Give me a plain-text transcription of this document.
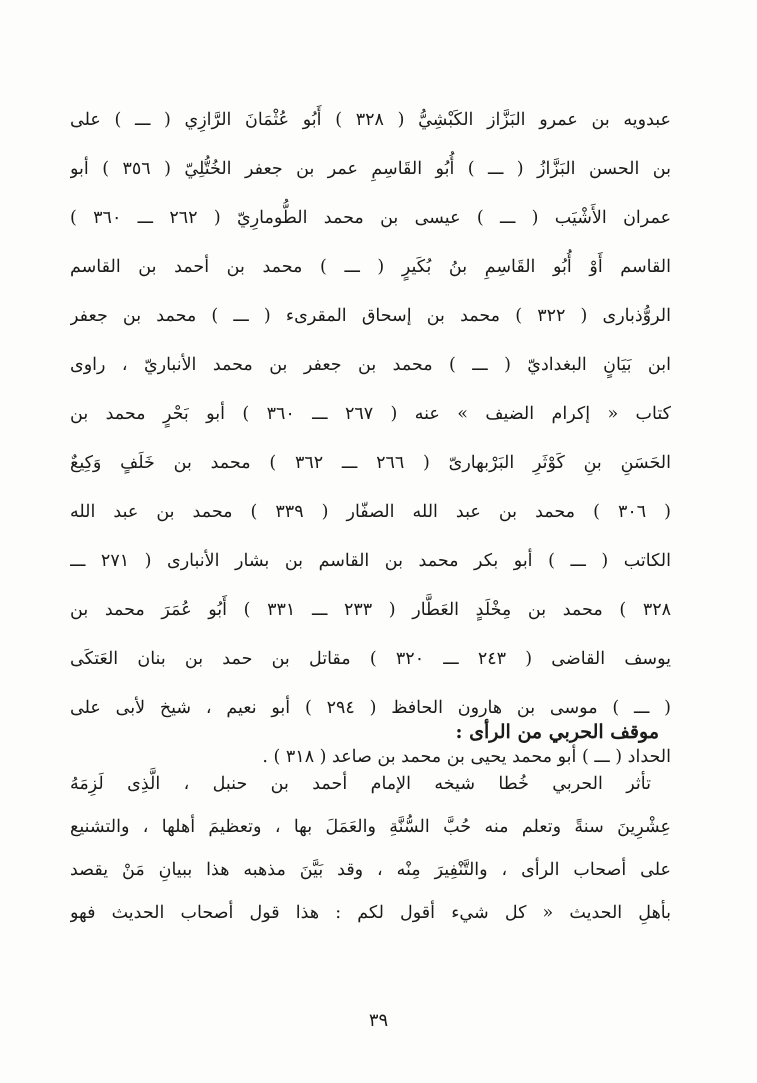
عبدويه بن عمرو البَزَّاز الكَبْشِيُّ ( ٣٢٨ ) أَبُو عُثْمَانَ الرَّازِي ( ـــ ) على
بن الحسن البَزَّازُ ( ـــ ) أُبُو القَاسِمِ عمر بن جعفر الخُتُّلِيّ ( ٣٥٦ ) أبو
عمران الأَشْيَب ( ـــ ) عيسى بن محمد الطُّومارِيّ ( ٢٦٢ ـــ ٣٦٠ )
القاسم أَوْ أُبُو القَاسِمِ بنُ بُكَيرٍ ( ـــ ) محمد بن أحمد بن القاسم
الروُّذبارى ( ٣٢٢ ) محمد بن إسحاق المقرىء ( ـــ ) محمد بن جعفر
ابن بَيَانٍ البغداديّ ( ـــ ) محمد بن جعفر بن محمد الأنباريّ ، راوى
كتاب « إكرام الضيف » عنه ( ٢٦٧ ـــ ٣٦٠ ) أبو بَحْرٍ محمد بن
الحَسَنِ بنِ كَوْثَرِ البَرْبهارىّ ( ٢٦٦ ـــ ٣٦٢ ) محمد بن خَلَفٍ وَكِيعٌ
( ٣٠٦ ) محمد بن عبد الله الصفّار ( ٣٣٩ ) محمد بن عبد الله
الكاتب ( ـــ ) أبو بكر محمد بن القاسم بن بشار الأنبارى ( ٢٧١ ـــ
٣٢٨ ) محمد بن مِخْلَدٍ العَطَّار ( ٢٣٣ ـــ ٣٣١ ) أَبُو عُمَرَ محمد بن
يوسف القاضى ( ٢٤٣ ـــ ٣٢٠ ) مقاتل بن حمد بن بنان العَتكَى
( ـــ ) موسى بن هارون الحافظ ( ٢٩٤ ) أبو نعيم ، شيخ لأبى على
الحداد ( ـــ ) أبو محمد يحيى بن محمد بن صاعد ( ٣١٨ ) .
موقف الحربي من الرأى :
تأثر الحربي خُطا شيخه الإمام أحمد بن حنبل ، الَّذِى لَزِمَهُ
عِشْرِينَ سنةً وتعلم منه حُبَّ السُّنَّةِ والعَمَلَ بها ، وتعظيمَ أهلها ، والتشنيع
على أصحاب الرأى ، والتَّنْفِيرَ مِنْه ، وقد بَيَّنَ مذهبه هذا ببيانِ مَنْ يقصد
بأهلِ الحديث « كل شيء أقول لكم : هذا قول أصحاب الحديث فهو
٣٩
